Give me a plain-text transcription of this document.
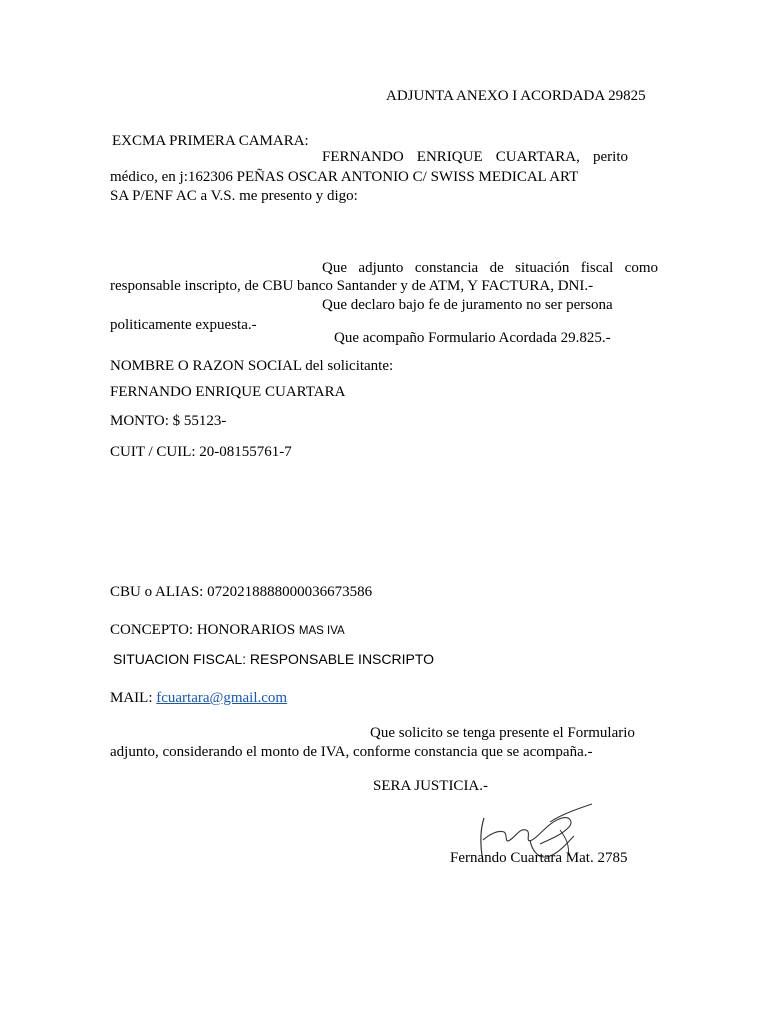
ADJUNTA ANEXO I ACORDADA 29825
EXCMA PRIMERA CAMARA:
FERNANDO ENRIQUE CUARTARA, perito
médico, en j:162306 PEÑAS OSCAR ANTONIO C/ SWISS MEDICAL ART
SA P/ENF AC a V.S. me presento y digo:
Que adjunto constancia de situación fiscal como
responsable inscripto, de CBU banco Santander y de ATM, Y FACTURA, DNI.-
Que declaro bajo fe de juramento no ser persona
politicamente expuesta.-
Que acompaño Formulario Acordada 29.825.-
NOMBRE O RAZON SOCIAL del solicitante:
FERNANDO ENRIQUE CUARTARA
MONTO: $ 55123-
CUIT / CUIL: 20-08155761-7
CBU o ALIAS: 0720218888000036673586
CONCEPTO: HONORARIOS MAS IVA
SITUACION FISCAL: RESPONSABLE INSCRIPTO
MAIL: fcuartara@gmail.com
Que solicito se tenga presente el Formulario
adjunto, considerando el monto de IVA, conforme constancia que se acompaña.-
SERA JUSTICIA.-
Fernando Cuartara Mat. 2785
